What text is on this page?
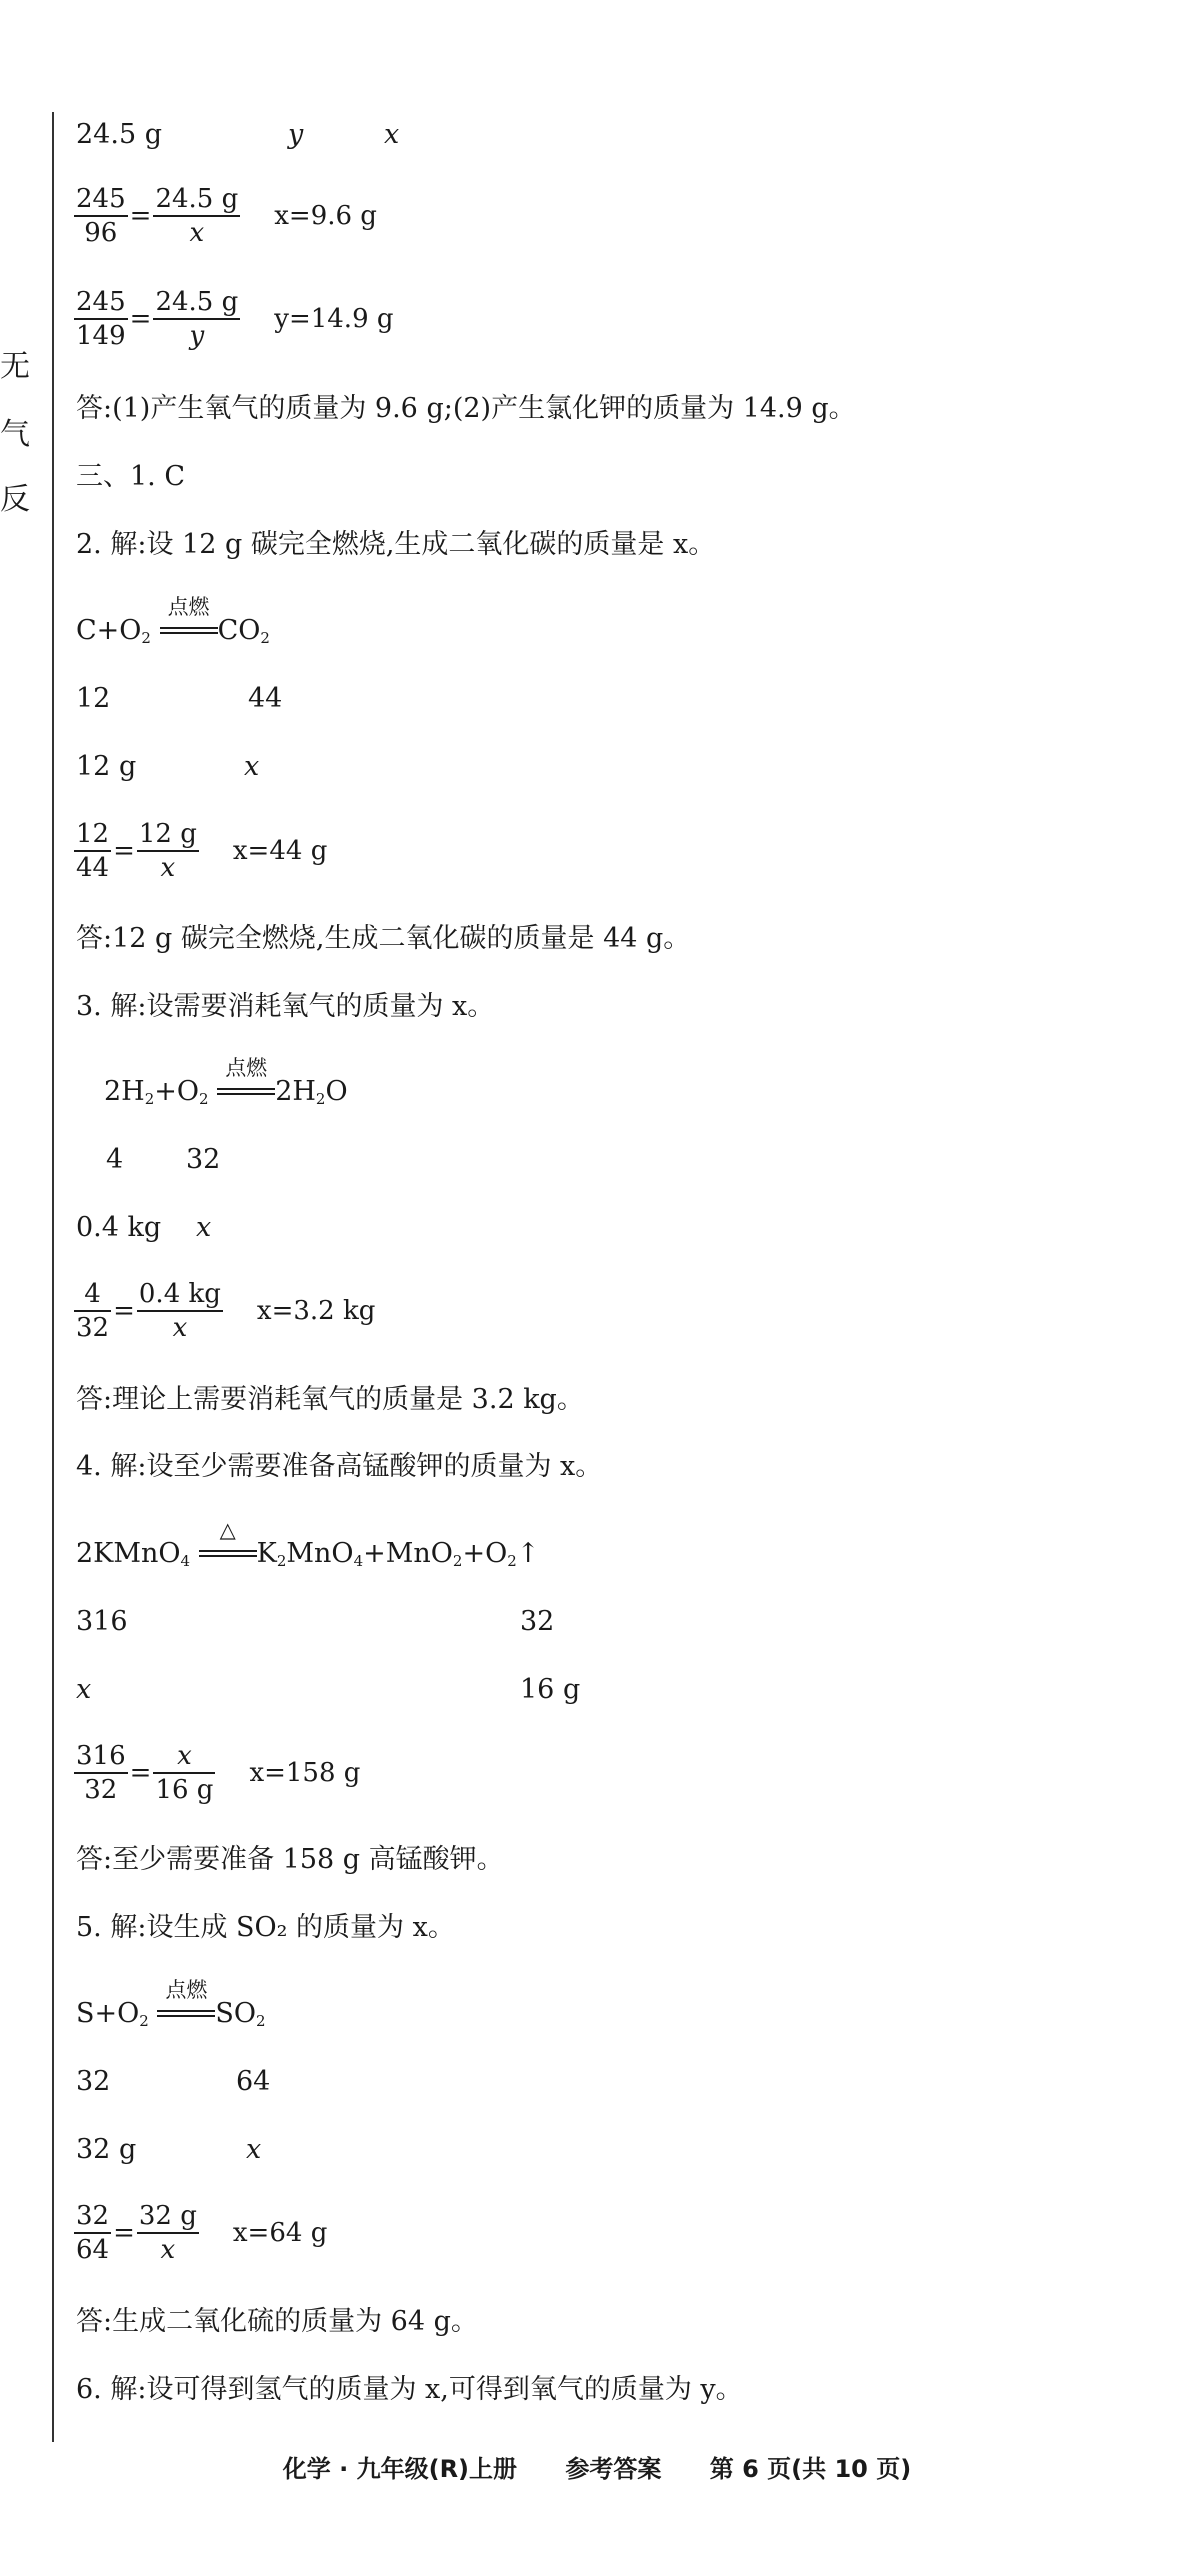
无
气
反
24.5 g	y	x
$\frac{245}{96} = \frac{24.5 g}{x} x=9.6$ g
$\frac{245}{149} = \frac{24.5 g}{y} y=14.9$ g
答:(1)产生氧气的质量为 9.6 g;(2)产生氯化钾的质量为 14.9 g。
三、1. C
2. 解:设 12 g 碳完全燃烧,生成二氧化碳的质量是 x。
$C+O_2$
点燃
$CO_2$
12	44
12 g	x
$\frac{12}{44} = \frac{12 g}{x} x=44$ g
答:12 g 碳完全燃烧,生成二氧化碳的质量是 44 g。
3. 解:设需要消耗氧气的质量为 x。
$2H_2+O_2$
点燃
$2H_2O$
4 32
0.4 kg x
$\frac{4}{32} = \frac{0.4 kg}{x} x=3.2$ kg
答:理论上需要消耗氧气的质量是 3.2 kg。
4. 解:设至少需要准备高锰酸钾的质量为 x。
2KMnO$_4$
△
$K_2MnO_4+MnO_2+O_2↑$
316	32
x	16 g
$\frac{316}{32} = \frac{x}{16 g} x=158$ g
答:至少需要准备 158 g 高锰酸钾。
5. 解:设生成 SO₂ 的质量为 x。
$S+O_2$
点燃
$SO_2$
32	64
32 g	x
$\frac{32}{64} = \frac{32 g}{x} x=64$ g
答:生成二氧化硫的质量为 64 g。
6. 解:设可得到氢气的质量为 x,可得到氧气的质量为 y。
化学 · 九年级(R)上册 参考答案 第 6 页(共 10 页)
